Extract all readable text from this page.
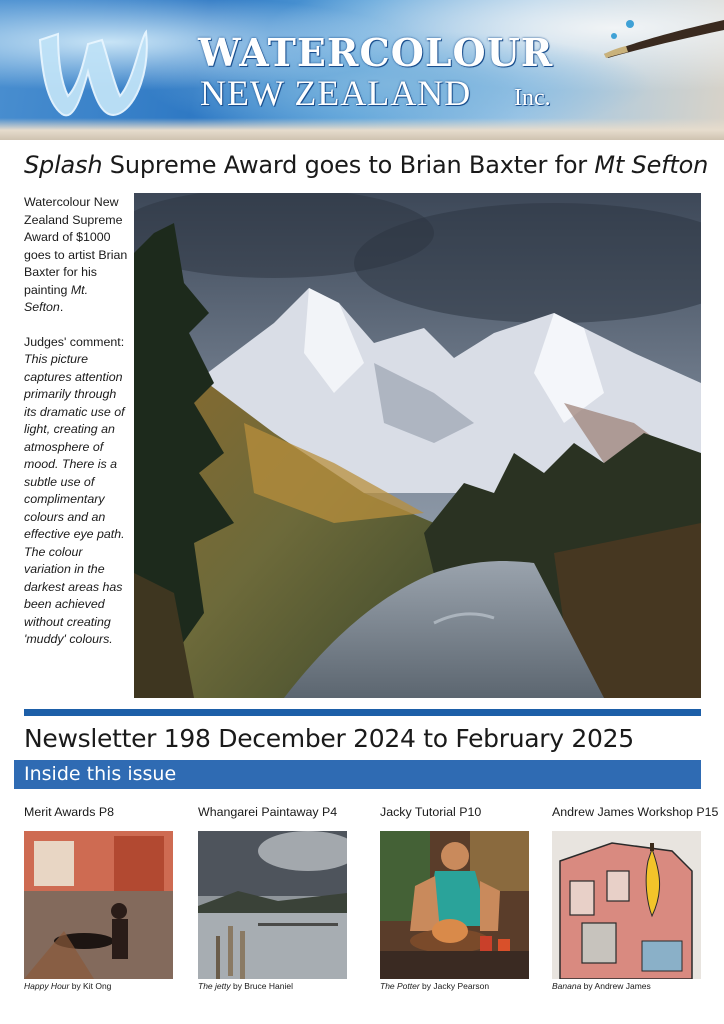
WATERCOLOUR
NEW ZEALAND	Inc.
Splash Supreme Award goes to Brian Baxter for Mt Sefton

Watercolour New Zealand Supreme Award of $1000 goes to artist Brian Baxter for his painting Mt. Sefton.

Judges' comment:
This picture captures attention primarily through its dramatic use of light, creating an atmosphere of mood. There is a subtle use of complimentary colours and an effective eye path. The colour variation in the darkest areas has been achieved without creating 'muddy' colours.

Newsletter 198 December 2024 to February 2025
Inside this issue
Merit Awards P8
Happy Hour by Kit Ong
Whangarei Paintaway P4
The jetty by Bruce Haniel
Jacky Tutorial P10
The Potter by Jacky Pearson
Andrew James Workshop P15
Banana by Andrew James
